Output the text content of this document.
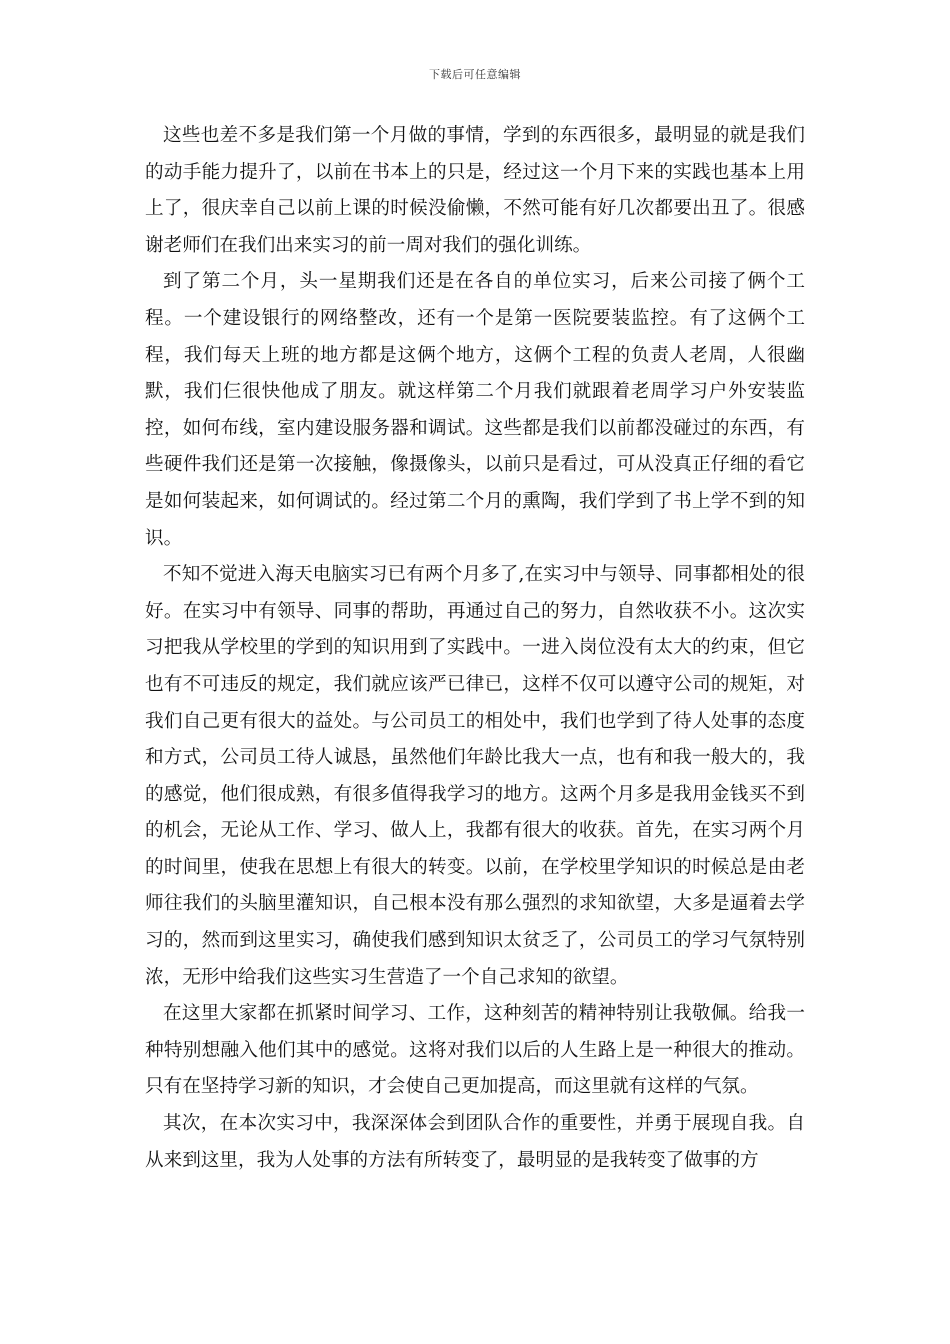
下载后可任意编辑

这些也差不多是我们第一个月做的事情，学到的东西很多，最明显的就是我们的动手能力提升了，以前在书本上的只是，经过这一个月下来的实践也基本上用上了，很庆幸自己以前上课的时候没偷懒，不然可能有好几次都要出丑了。很感谢老师们在我们出来实习的前一周对我们的强化训练。

到了第二个月，头一星期我们还是在各自的单位实习，后来公司接了俩个工程。一个建设银行的网络整改，还有一个是第一医院要装监控。有了这俩个工程，我们每天上班的地方都是这俩个地方，这俩个工程的负责人老周，人很幽默，我们仨很快他成了朋友。就这样第二个月我们就跟着老周学习户外安装监控，如何布线，室内建设服务器和调试。这些都是我们以前都没碰过的东西，有些硬件我们还是第一次接触，像摄像头，以前只是看过，可从没真正仔细的看它是如何装起来，如何调试的。经过第二个月的熏陶，我们学到了书上学不到的知识。

不知不觉进入海天电脑实习已有两个月多了,在实习中与领导、同事都相处的很好。在实习中有领导、同事的帮助，再通过自己的努力，自然收获不小。这次实习把我从学校里的学到的知识用到了实践中。一进入岗位没有太大的约束，但它也有不可违反的规定，我们就应该严已律已，这样不仅可以遵守公司的规矩，对我们自己更有很大的益处。与公司员工的相处中，我们也学到了待人处事的态度和方式，公司员工待人诚恳，虽然他们年龄比我大一点，也有和我一般大的，我的感觉，他们很成熟，有很多值得我学习的地方。这两个月多是我用金钱买不到的机会，无论从工作、学习、做人上，我都有很大的收获。首先，在实习两个月的时间里，使我在思想上有很大的转变。以前，在学校里学知识的时候总是由老师往我们的头脑里灌知识，自己根本没有那么强烈的求知欲望，大多是逼着去学习的，然而到这里实习，确使我们感到知识太贫乏了，公司员工的学习气氛特别浓，无形中给我们这些实习生营造了一个自己求知的欲望。

在这里大家都在抓紧时间学习、工作，这种刻苦的精神特别让我敬佩。给我一种特别想融入他们其中的感觉。这将对我们以后的人生路上是一种很大的推动。只有在坚持学习新的知识，才会使自己更加提高，而这里就有这样的气氛。

其次，在本次实习中，我深深体会到团队合作的重要性，并勇于展现自我。自从来到这里，我为人处事的方法有所转变了，最明显的是我转变了做事的方
